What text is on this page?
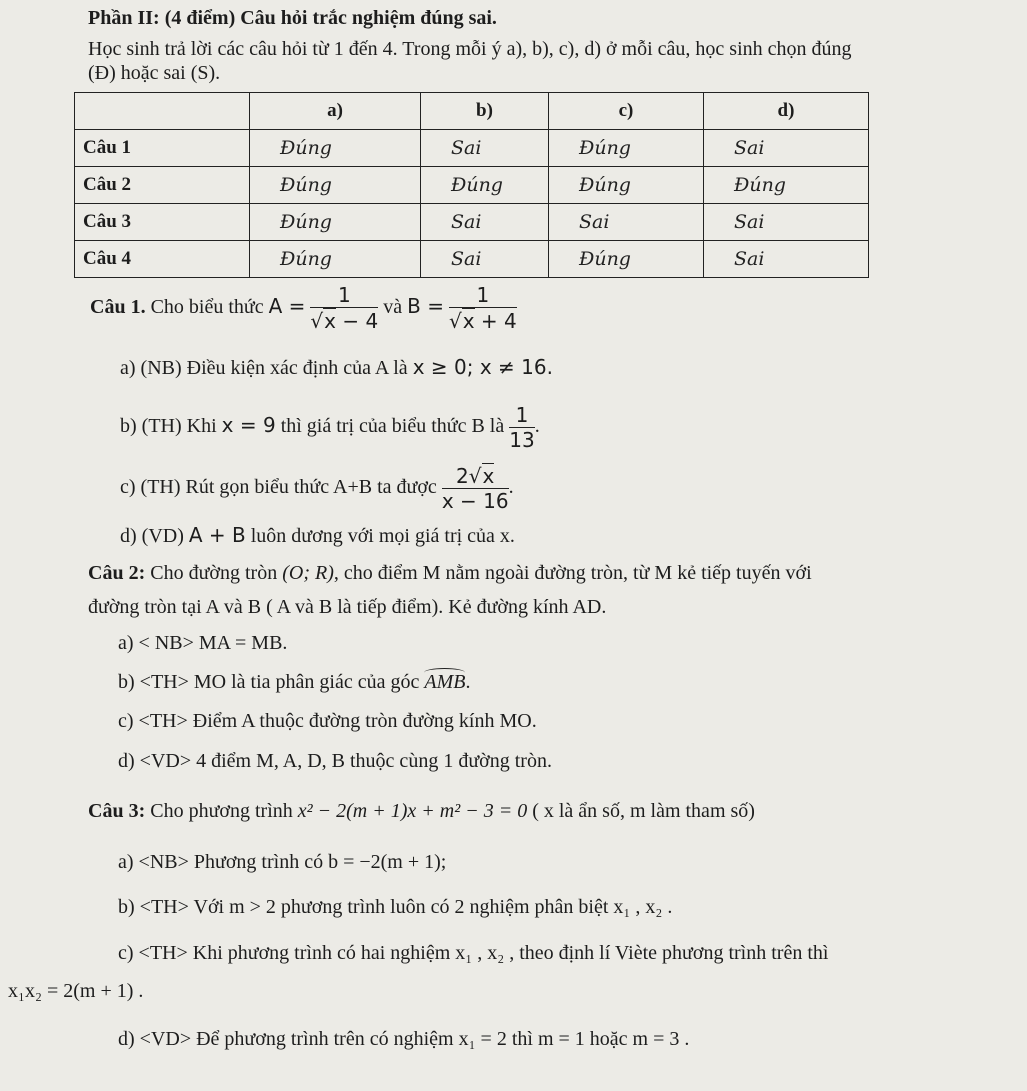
Phần II: (4 điểm) Câu hỏi trắc nghiệm đúng sai.
Học sinh trả lời các câu hỏi từ 1 đến 4. Trong mỗi ý a), b), c), d) ở mỗi câu, học sinh chọn đúng
(Đ) hoặc sai (S).
	a)	b)	c)	d)
Câu 1	Đúng	Sai	Đúng	Sai
Câu 2	Đúng	Đúng	Đúng	Đúng
Câu 3	Đúng	Sai	Sai	Sai
Câu 4	Đúng	Sai	Đúng	Sai
Câu 1. Cho biểu thức $A = \frac{1}{√x - 4}$ và $B = \frac{1}{√x + 4}$
a) (NB) Điều kiện xác định của A là x ≥ 0; x ≠ 16.
b) (TH) Khi x = 9 thì giá trị của biểu thức B là $\frac{1}{13}$ .
c) (TH) Rút gọn biểu thức A+B ta được $\frac{2√x}{x - 16}$ .
d) (VD) A + B luôn dương với mọi giá trị của x.
Câu 2: Cho đường tròn (O; R), cho điểm M nằm ngoài đường tròn, từ M kẻ tiếp tuyến với
đường tròn tại A và B ( A và B là tiếp điểm). Kẻ đường kính AD.
a) < NB> MA = MB.
b) <TH> MO là tia phân giác của góc AMB
.
c) <TH> Điểm A thuộc đường tròn đường kính MO.
d) <VD> 4 điểm M, A, D, B thuộc cùng 1 đường tròn.
Câu 3: Cho phương trình x² − 2(m + 1)x + m² − 3 = 0 ( x là ẩn số, m làm tham số)
a) <NB> Phương trình có b = −2(m + 1);
b) <TH> Với m > 2 phương trình luôn có 2 nghiệm phân biệt x₁ , x₂ .
c) <TH> Khi phương trình có hai nghiệm x₁ , x₂ , theo định lí Viète phương trình trên thì
x₁x₂ = 2(m + 1) .
d) <VD> Để phương trình trên có nghiệm x₁ = 2 thì m = 1 hoặc m = 3 .
